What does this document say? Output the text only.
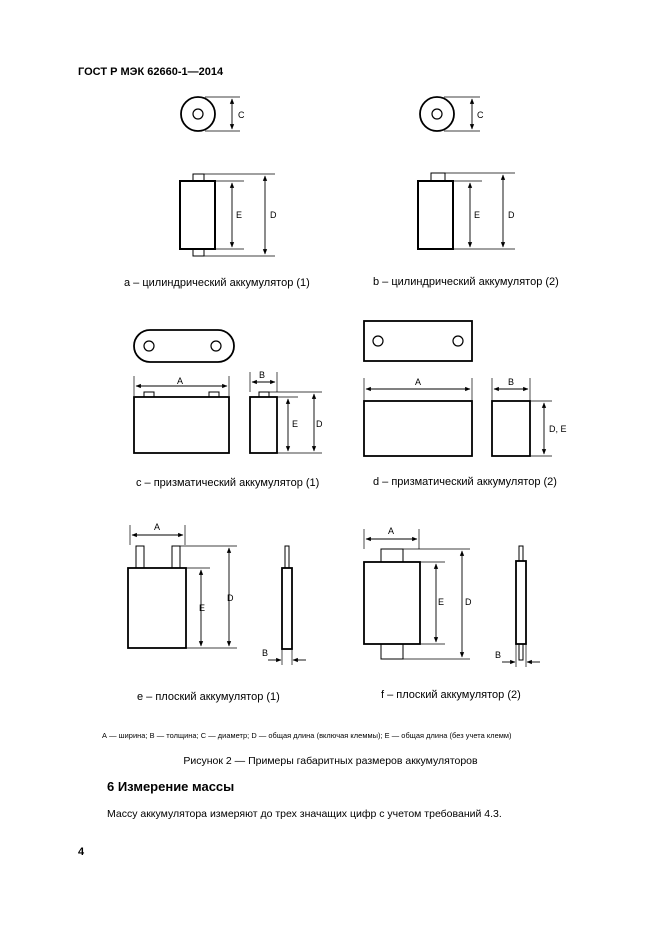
ГОСТ Р МЭК 62660-1—2014
C
E	D
C
E	D
A
B
E D
A	B
D, E
A
E
D
B
A
E D
B
a – цилиндрический аккумулятор (1)	b – цилиндрический аккумулятор (2)
c – призматический аккумулятор (1)	d – призматический аккумулятор (2)
e – плоский аккумулятор (1)	f – плоский аккумулятор (2)
А — ширина; В — толщина; С — диаметр; D — общая длина (включая клеммы); Е — общая длина (без учета клемм)
Рисунок 2 — Примеры габаритных размеров аккумуляторов
6 Измерение массы
Массу аккумулятора измеряют до трех значащих цифр с учетом требований 4.3.
4
